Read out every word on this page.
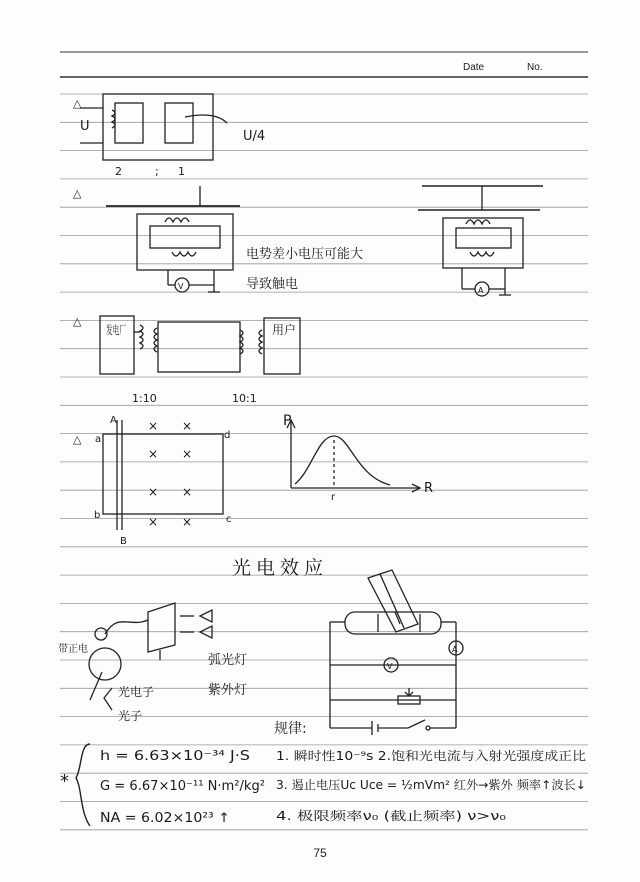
Date	No.
△
U
U/4
2	; 1
△
V
电势差小电压可能大
导致触电	A
△
发电厂	用户
1:10	10:1
△
A
a	d
b
B
c
× ×
× ×
× ×
× ×
P
R
r
光电效应
带正电
弧光灯
紫外灯
光电子
光子
A
V
规律:
1. 瞬时性10⁻⁹s 2.饱和光电流与入射光强度成正比
3. 遏止电压Uc Uce = ½mVm² 红外→紫外 频率↑波长↓
4. 极限频率ν₀ (截止频率) ν>ν₀
*
h = 6.63×10⁻³⁴ J·S
G = 6.67×10⁻¹¹ N·m²/kg²
NA = 6.02×10²³ ↑
75
